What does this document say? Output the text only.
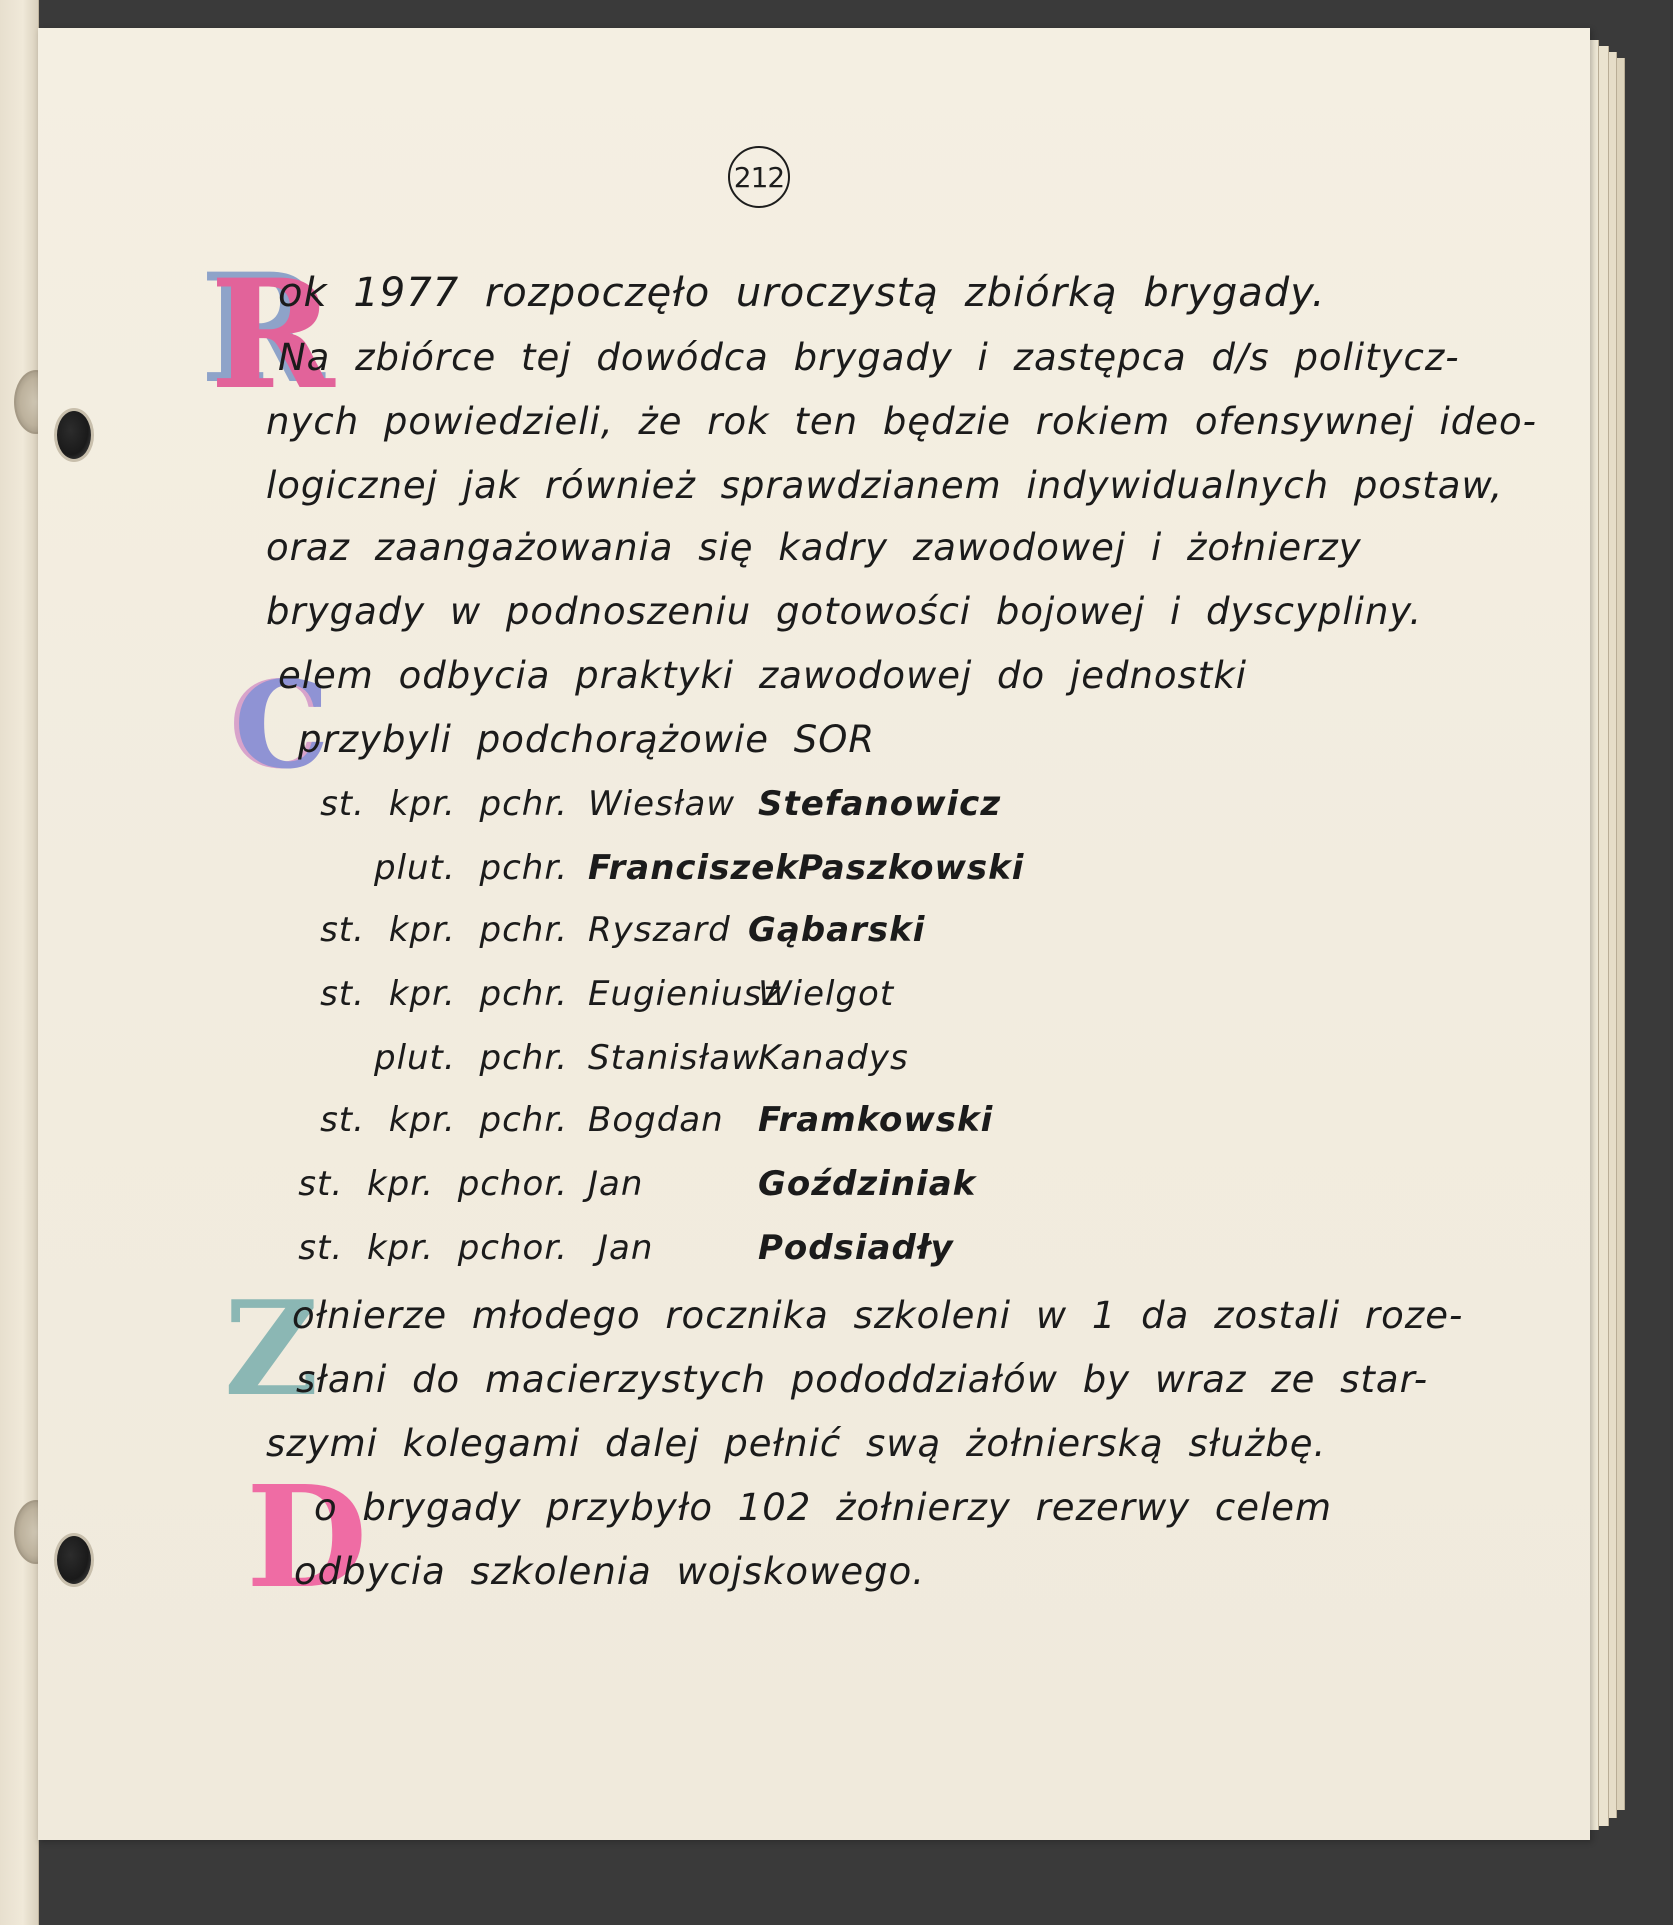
212
R
ok 1977 rozpoczęło uroczystą zbiórką brygady.
Na zbiórce tej dowódca brygady i zastępca d/s politycz-
nych powiedzieli, że rok ten będzie rokiem ofensywnej ideo-
logicznej jak również sprawdzianem indywidualnych postaw,
oraz zaangażowania się kadry zawodowej i żołnierzy
brygady w podnoszeniu gotowości bojowej i dyscypliny.
C
elem odbycia praktyki zawodowej do jednostki
przybyli podchorążowie SOR
st. kpr. pchr. Wiesław Stefanowicz
plut. pchr. Franciszek Paszkowski
st. kpr. pchr. Ryszard Gąbarski
st. kpr. pchr. Eugieniusz
Wielgot
plut. pchr. Stanisław
Kanadys
st. kpr. pchr. Bogdan Framkowski
st. kpr. pchor. Jan	Goździniak
st. kpr. pchor. Jan	Podsiadły
Z
ołnierze młodego rocznika szkoleni w 1 da zostali roze-
słani do macierzystych pododdziałów by wraz ze star-
szymi kolegami dalej pełnić swą żołnierską służbę.
D
o brygady przybyło 102 żołnierzy rezerwy celem
odbycia szkolenia wojskowego.
